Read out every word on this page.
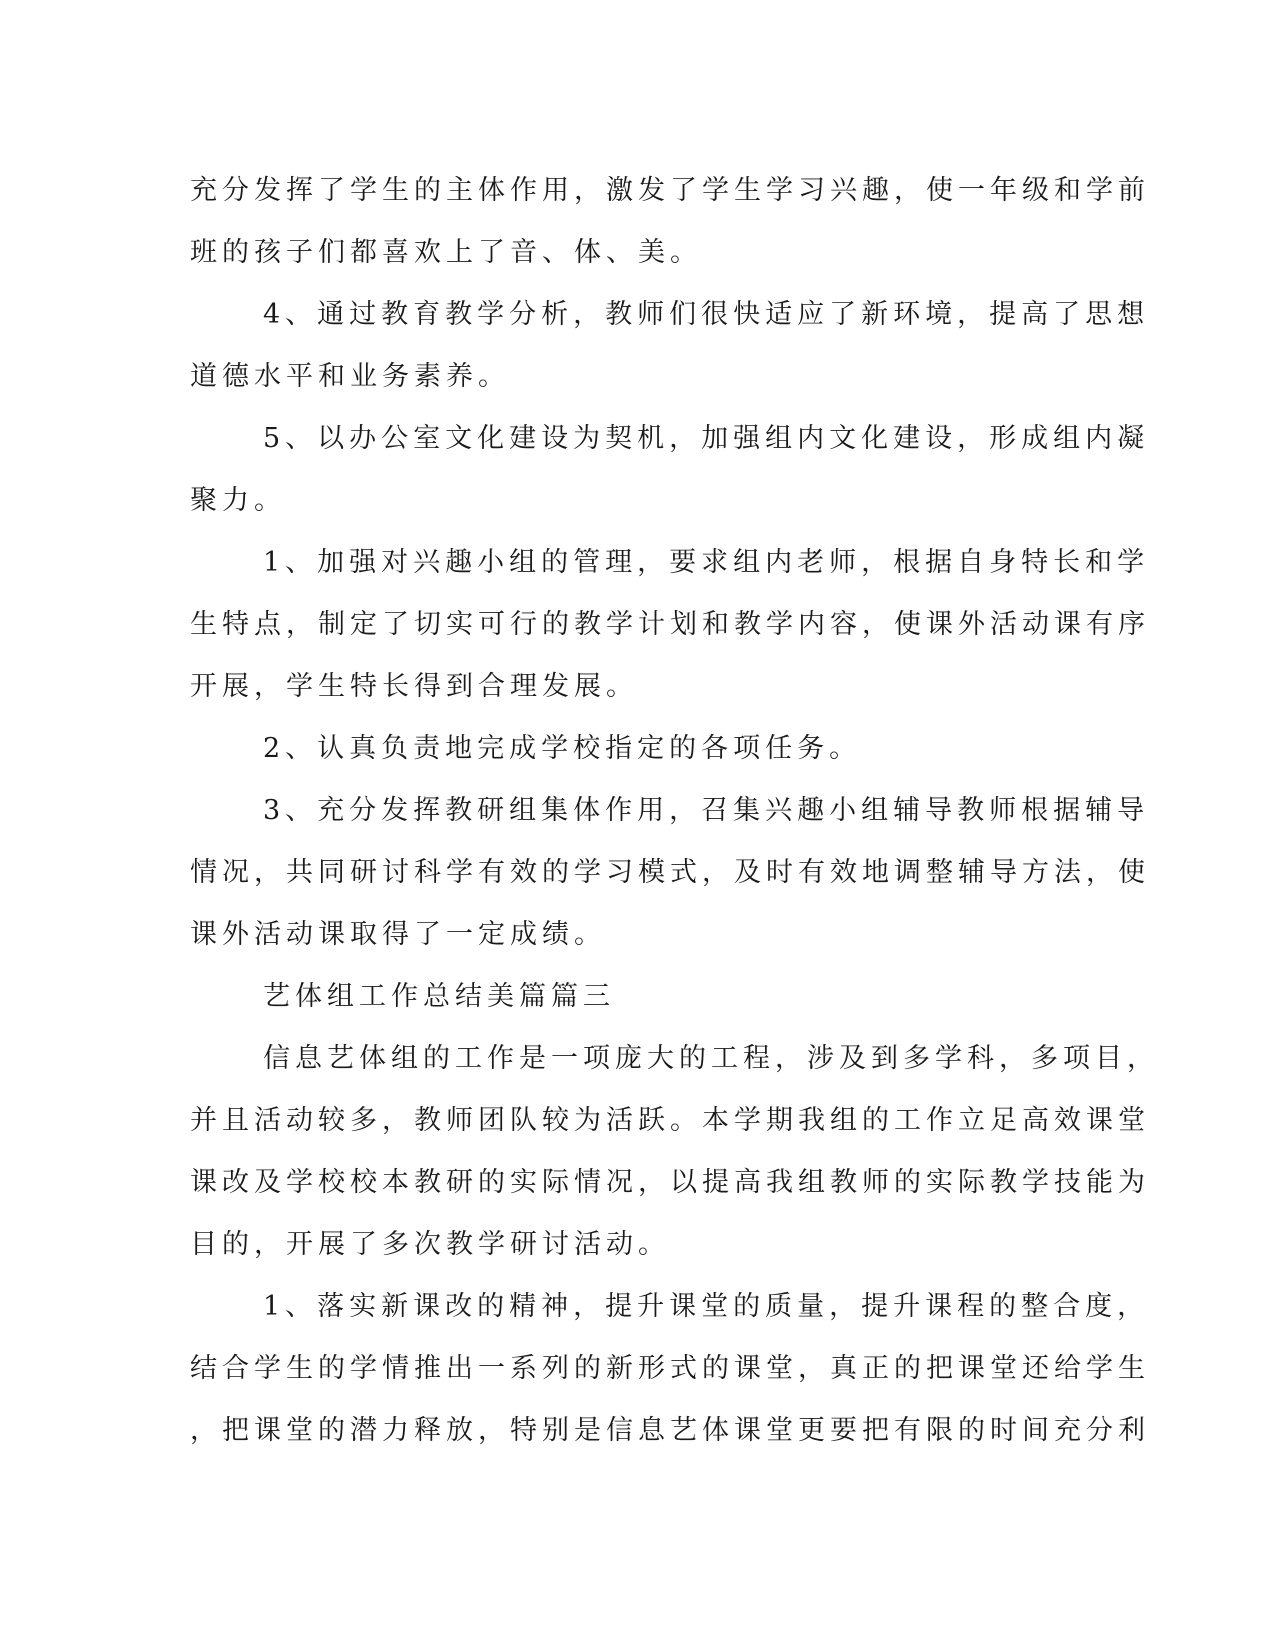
充分发挥了学生的主体作用，激发了学生学习兴趣，使一年级和学前
班的孩子们都喜欢上了音、体、美。
4、通过教育教学分析，教师们很快适应了新环境，提高了思想
道德水平和业务素养。
5、以办公室文化建设为契机，加强组内文化建设，形成组内凝
聚力。
1、加强对兴趣小组的管理，要求组内老师，根据自身特长和学
生特点，制定了切实可行的教学计划和教学内容，使课外活动课有序
开展，学生特长得到合理发展。
2、认真负责地完成学校指定的各项任务。
3、充分发挥教研组集体作用，召集兴趣小组辅导教师根据辅导
情况，共同研讨科学有效的学习模式，及时有效地调整辅导方法，使
课外活动课取得了一定成绩。
艺体组工作总结美篇篇三
信息艺体组的工作是一项庞大的工程，涉及到多学科，多项目，
并且活动较多，教师团队较为活跃。本学期我组的工作立足高效课堂
课改及学校校本教研的实际情况，以提高我组教师的实际教学技能为
目的，开展了多次教学研讨活动。
1、落实新课改的精神，提升课堂的质量，提升课程的整合度，
结合学生的学情推出一系列的新形式的课堂，真正的把课堂还给学生
，把课堂的潜力释放，特别是信息艺体课堂更要把有限的时间充分利
